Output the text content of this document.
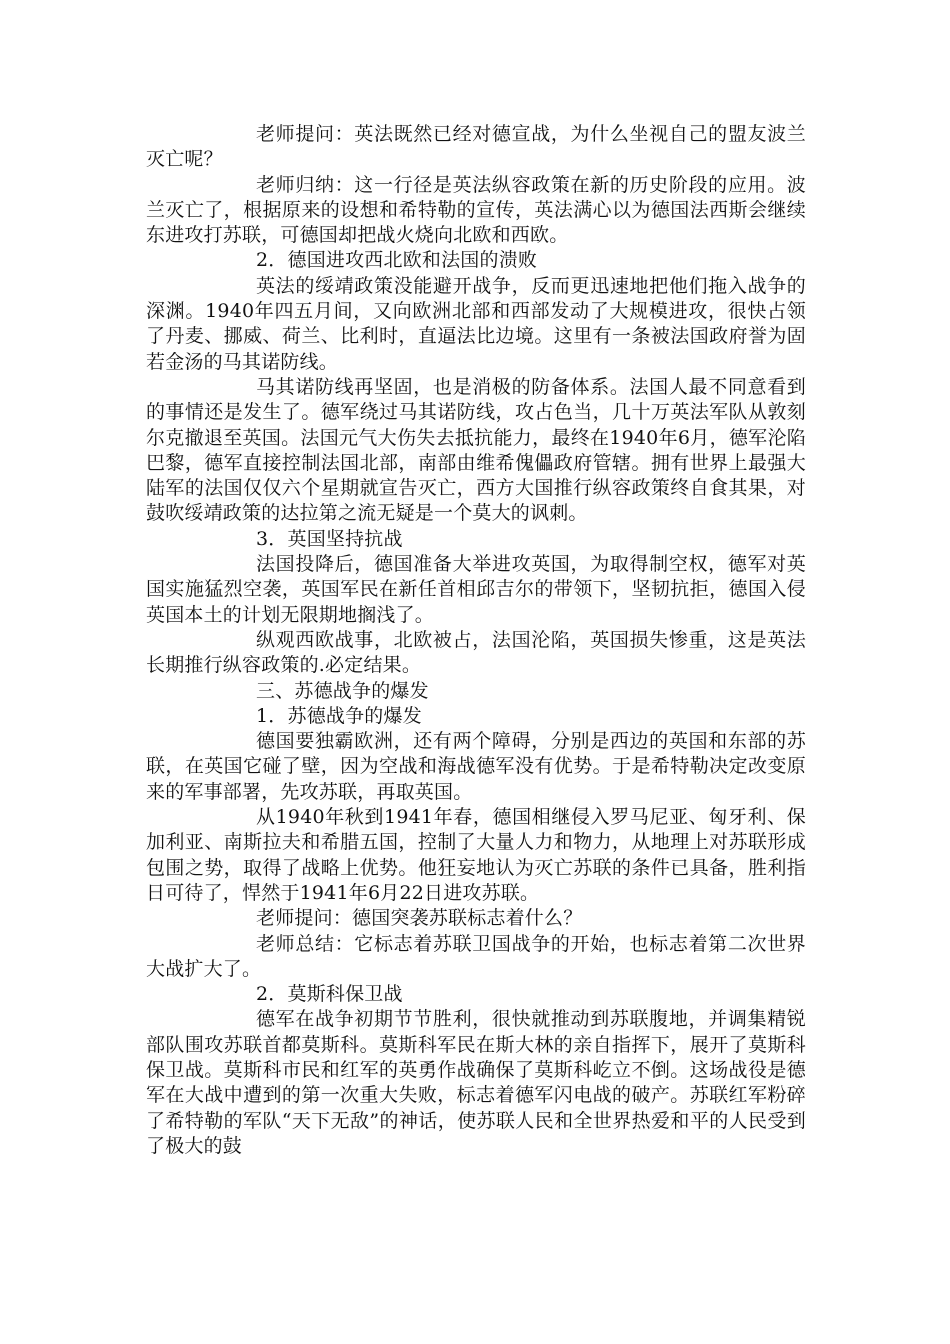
老师提问：英法既然已经对德宣战，为什么坐视自己的盟友波兰灭亡呢？

老师归纳：这一行径是英法纵容政策在新的历史阶段的应用。波兰灭亡了，根据原来的设想和希特勒的宣传，英法满心以为德国法西斯会继续东进攻打苏联，可德国却把战火烧向北欧和西欧。

2．德国进攻西北欧和法国的溃败

英法的绥靖政策没能避开战争，反而更迅速地把他们拖入战争的深渊。1940年四五月间，又向欧洲北部和西部发动了大规模进攻，很快占领了丹麦、挪威、荷兰、比利时，直逼法比边境。这里有一条被法国政府誉为固若金汤的马其诺防线。

马其诺防线再坚固，也是消极的防备体系。法国人最不同意看到的事情还是发生了。德军绕过马其诺防线，攻占色当，几十万英法军队从敦刻尔克撤退至英国。法国元气大伤失去抵抗能力，最终在1940年6月，德军沦陷巴黎，德军直接控制法国北部，南部由维希傀儡政府管辖。拥有世界上最强大陆军的法国仅仅六个星期就宣告灭亡，西方大国推行纵容政策终自食其果，对鼓吹绥靖政策的达拉第之流无疑是一个莫大的讽刺。

3．英国坚持抗战

法国投降后，德国准备大举进攻英国，为取得制空权，德军对英国实施猛烈空袭，英国军民在新任首相邱吉尔的带领下，坚韧抗拒，德国入侵英国本土的计划无限期地搁浅了。

纵观西欧战事，北欧被占，法国沦陷，英国损失惨重，这是英法长期推行纵容政策的.必定结果。

三、苏德战争的爆发

1．苏德战争的爆发

德国要独霸欧洲，还有两个障碍，分别是西边的英国和东部的苏联，在英国它碰了壁，因为空战和海战德军没有优势。于是希特勒决定改变原来的军事部署，先攻苏联，再取英国。

从1940年秋到1941年春，德国相继侵入罗马尼亚、匈牙利、保加利亚、南斯拉夫和希腊五国，控制了大量人力和物力，从地理上对苏联形成包围之势，取得了战略上优势。他狂妄地认为灭亡苏联的条件已具备，胜利指日可待了，悍然于1941年6月22日进攻苏联。

老师提问：德国突袭苏联标志着什么？

老师总结：它标志着苏联卫国战争的开始，也标志着第二次世界大战扩大了。

2．莫斯科保卫战

德军在战争初期节节胜利，很快就推动到苏联腹地，并调集精锐部队围攻苏联首都莫斯科。莫斯科军民在斯大林的亲自指挥下，展开了莫斯科保卫战。莫斯科市民和红军的英勇作战确保了莫斯科屹立不倒。这场战役是德军在大战中遭到的第一次重大失败，标志着德军闪电战的破产。苏联红军粉碎了希特勒的军队“天下无敌”的神话，使苏联人民和全世界热爱和平的人民受到了极大的鼓
